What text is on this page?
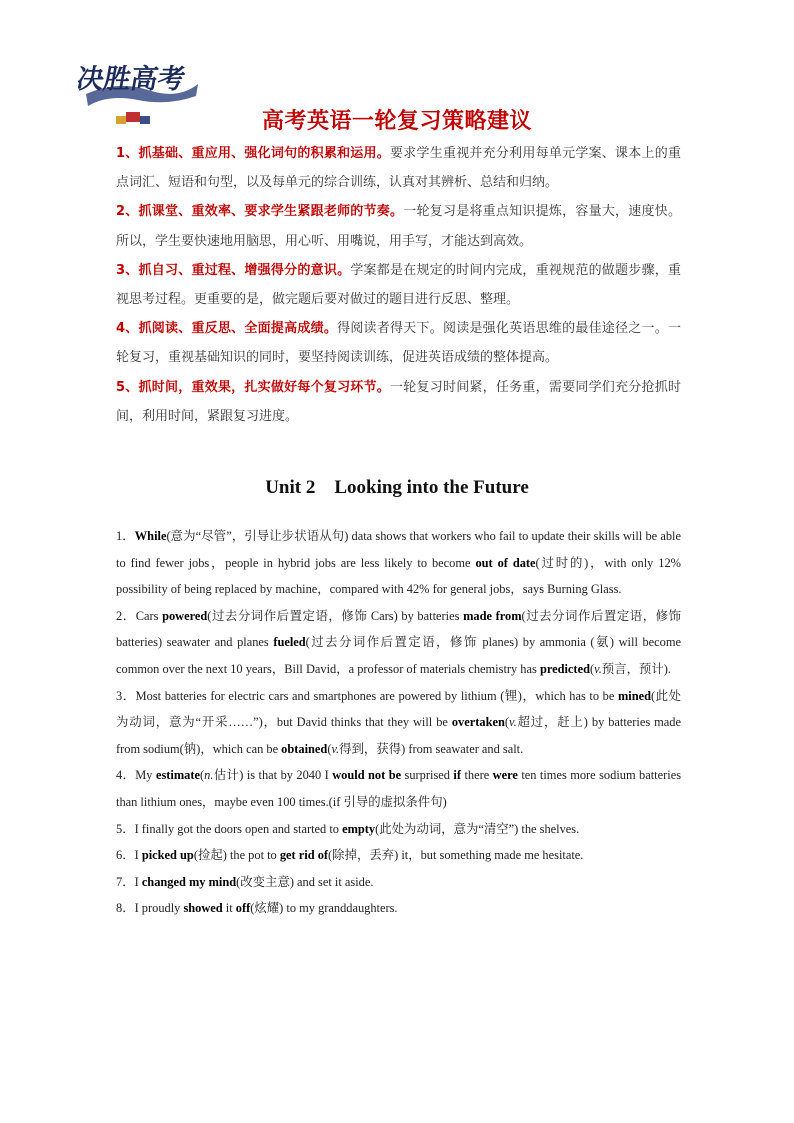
决胜高考
高考英语一轮复习策略建议

1、抓基础、重应用、强化词句的积累和运用。要求学生重视并充分利用每单元学案、课本上的重点词汇、短语和句型，以及每单元的综合训练，认真对其辨析、总结和归纳。

2、抓课堂、重效率、要求学生紧跟老师的节奏。一轮复习是将重点知识提炼，容量大，速度快。所以，学生要快速地用脑思，用心听、用嘴说，用手写，才能达到高效。

3、抓自习、重过程、增强得分的意识。学案都是在规定的时间内完成，重视规范的做题步骤，重视思考过程。更重要的是，做完题后要对做过的题目进行反思、整理。

4、抓阅读、重反思、全面提高成绩。得阅读者得天下。阅读是强化英语思维的最佳途径之一。一轮复习，重视基础知识的同时，要坚持阅读训练，促进英语成绩的整体提高。

5、抓时间，重效果，扎实做好每个复习环节。一轮复习时间紧，任务重，需要同学们充分抢抓时间，利用时间，紧跟复习进度。

Unit 2    Looking into the Future

1．While(意为“尽管”，引导让步状语从句) data shows that workers who fail to update their skills will be able to find fewer jobs，people in hybrid jobs are less likely to become out of date(过时的)，with only 12% possibility of being replaced by machine，compared with 42% for general jobs，says Burning Glass.

2．Cars powered(过去分词作后置定语，修饰 Cars) by batteries made from(过去分词作后置定语，修饰 batteries) seawater and planes fueled(过去分词作后置定语，修饰 planes) by ammonia (氨) will become common over the next 10 years，Bill David，a professor of materials chemistry has predicted(v.预言，预计).

3．Most batteries for electric cars and smartphones are powered by lithium (锂)，which has to be mined(此处为动词，意为“开采……”)，but David thinks that they will be overtaken(v.超过，赶上) by batteries made from sodium(钠)，which can be obtained(v.得到，获得) from seawater and salt.

4．My estimate(n.估计) is that by 2040 I would not be surprised if there were ten times more sodium batteries than lithium ones，maybe even 100 times.(if 引导的虚拟条件句)

5．I finally got the doors open and started to empty(此处为动词，意为“清空”) the shelves.

6．I picked up(捡起) the pot to get rid of(除掉，丢弃) it，but something made me hesitate.

7．I changed my mind(改变主意) and set it aside.

8．I proudly showed it off(炫耀) to my granddaughters.
